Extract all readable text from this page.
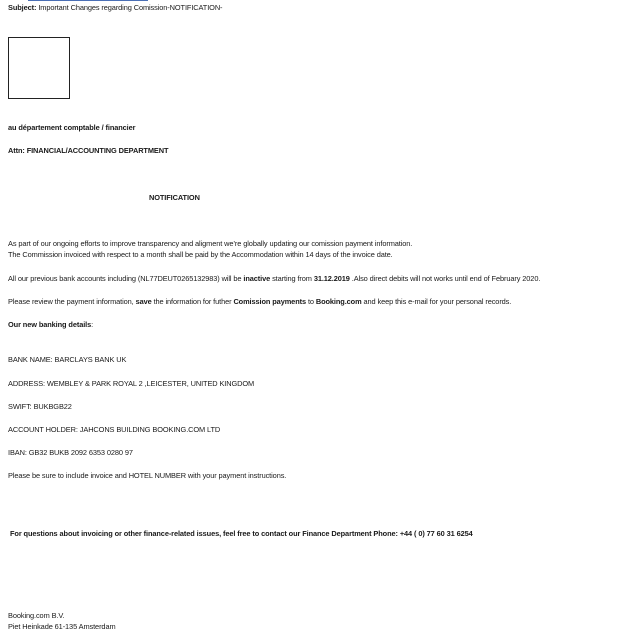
Subject: Important Changes regarding Comission-NOTIFICATION-
au département comptable / financier
Attn: FINANCIAL/ACCOUNTING DEPARTMENT
NOTIFICATION
As part of our ongoing efforts to improve transparency and aligment we’re globally updating our comission payment information.
The Commission invoiced with respect to a month shall be paid by the Accommodation within 14 days of the invoice date.
All our previous bank accounts including (NL77DEUT0265132983) will be inactive starting from 31.12.2019 .Also direct debits will not works until end of February 2020.
Please review the payment information, save the information for futher Comission payments to Booking.com and keep this e-mail for your personal records.
Our new banking details:
BANK NAME: BARCLAYS BANK UK
ADDRESS: WEMBLEY & PARK ROYAL 2 ,LEICESTER, UNITED KINGDOM
SWIFT: BUKBGB22
ACCOUNT HOLDER: JAHCONS BUILDING BOOKING.COM LTD
IBAN: GB32 BUKB 2092 6353 0280 97
Please be sure to include invoice and HOTEL NUMBER with your payment instructions.
For questions about invoicing or other finance-related issues, feel free to contact our Finance Department Phone: +44 ( 0) 77 60 31 6254
Booking.com B.V.
Piet Heinkade 61-135 Amsterdam
